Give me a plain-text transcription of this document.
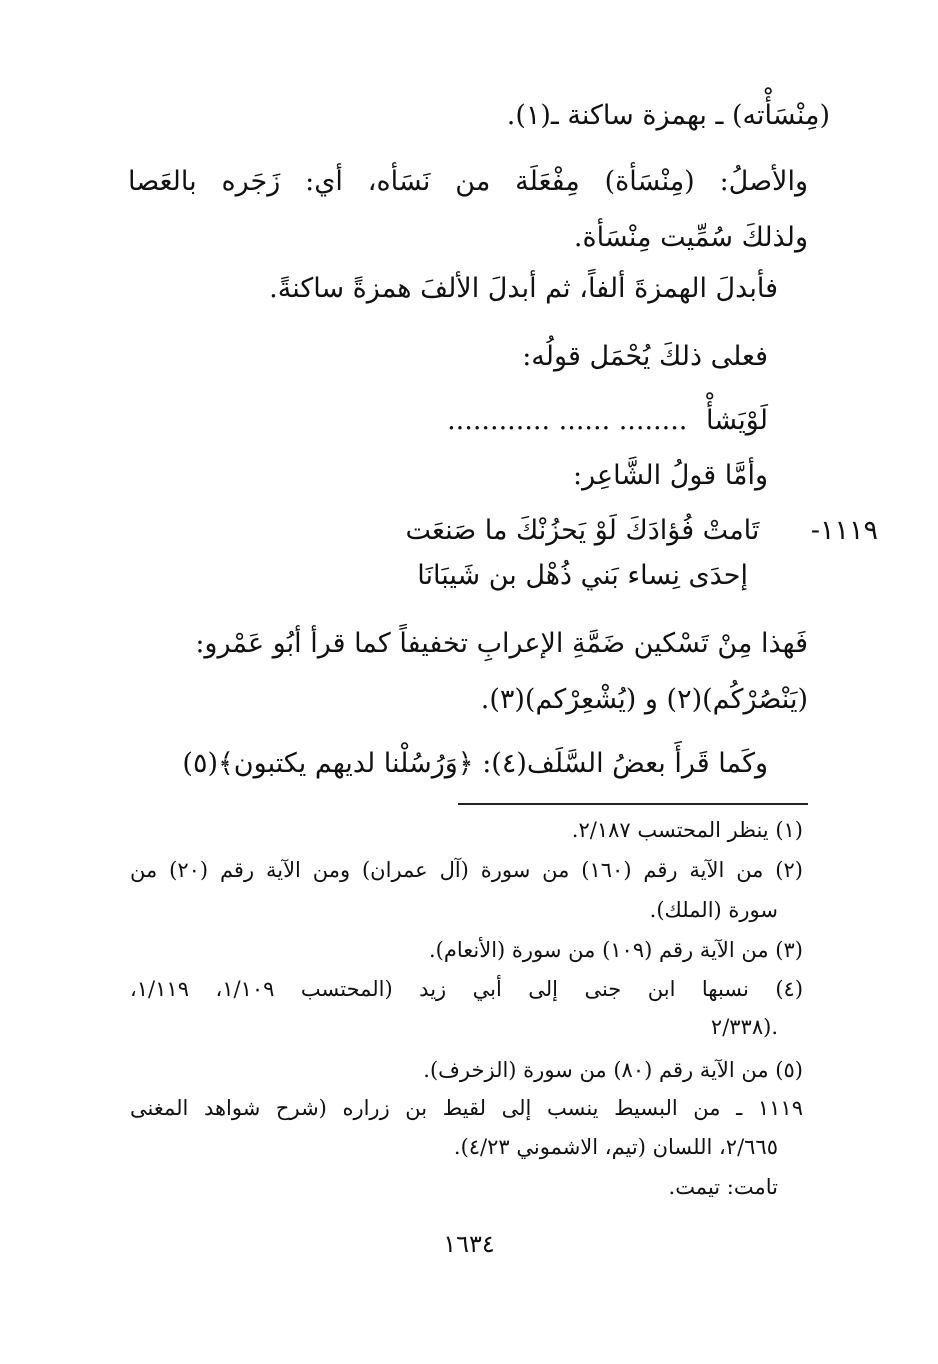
(مِنْسَأْته) ـ بهمزة ساكنة ـ(١).
والأصلُ: (مِنْسَأة) مِفْعَلَة من نَسَأه، أي: زَجَره بالعَصا
ولذلكَ سُمِّيت مِنْسَأة.
فأبدلَ الهمزةَ ألفاً، ثم أبدلَ الألفَ همزةً ساكنةً.
فعلى ذلكَ يُحْمَل قولُه:
لَوْيَشأْ ........ ...... ............
وأمَّا قولُ الشَّاعِر:
١١١٩- تَامتْ فُؤادَكَ لَوْ يَحزُنْكَ ما صَنعَت
إحدَى نِساء بَني ذُهْل بن شَيبَانَا
فَهذا مِنْ تَسْكين ضَمَّةِ الإعرابِ تخفيفاً كما قرأ أبُو عَمْرو:
(يَنْصُرْكُم)(٢) و (يُشْعِرْكم)(٣).
وكَما قَرأَ بعضُ السَّلَف(٤): ﴿وَرُسُلْنا لديهم يكتبون﴾(٥)
(١) ينظر المحتسب ٢/١٨٧.
(٢) من الآية رقم (١٦٠) من سورة (آل عمران) ومن الآية رقم (٢٠) من
سورة (الملك).
(٣) من الآية رقم (١٠٩) من سورة (الأنعام).
(٤) نسبها ابن جنى إلى أبي زيد (المحتسب ١/١٠٩، ١/١١٩،
٢/٣٣٨).
(٥) من الآية رقم (٨٠) من سورة (الزخرف).
١١١٩ ـ من البسيط ينسب إلى لقيط بن زراره (شرح شواهد المغنى
٢/٦٦٥، اللسان (تيم، الاشموني ٤/٢٣).
تامت: تيمت.
١٦٣٤
